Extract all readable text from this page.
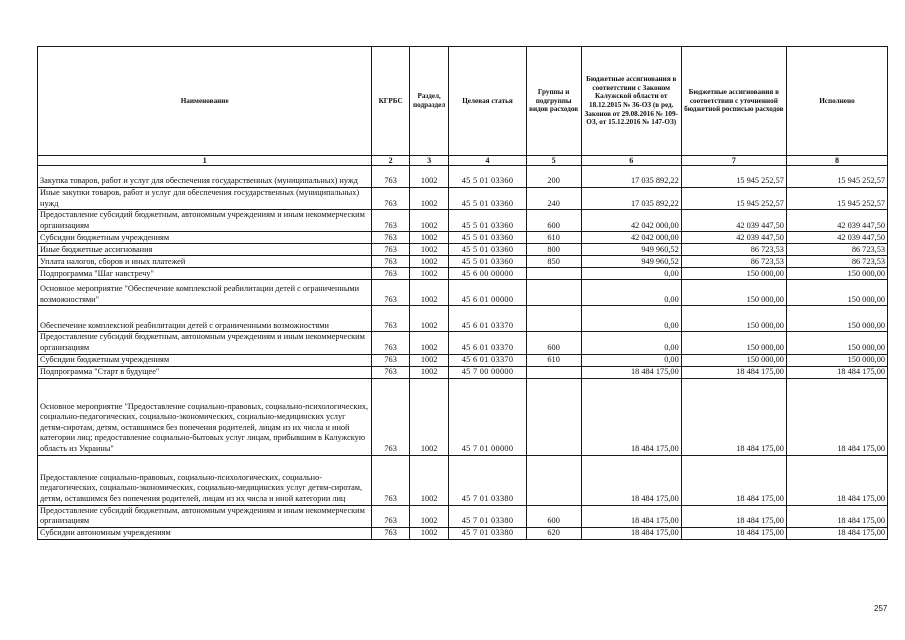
Наименование	КГРБС	Раздел, подраздел	Целевая статья	Группы и подгруппы видов расходов	Бюджетные ассигнования в соответствии с Законом Калужской области от 18.12.2015 № 36-ОЗ (в ред. Законов от 29.08.2016 № 109-ОЗ, от 15.12.2016 № 147-ОЗ)	Бюджетные ассигнования в соответствии с уточненной бюджетной росписью расходов	Исполнено
1	2	3	4	5	6	7	8
Закупка товаров, работ и услуг для обеспечения государственных (муниципальных) нужд	763	1002	45 5 01 03360	200	17 035 892,22	15 945 252,57	15 945 252,57
Иные закупки товаров, работ и услуг для обеспечения государственных (муниципальных) нужд	763	1002	45 5 01 03360	240	17 035 892,22	15 945 252,57	15 945 252,57
Предоставление субсидий бюджетным, автономным учреждениям и иным некоммерческим организациям	763	1002	45 5 01 03360	600	42 042 000,00	42 039 447,50	42 039 447,50
Субсидии бюджетным учреждениям	763	1002	45 5 01 03360	610	42 042 000,00	42 039 447,50	42 039 447,50
Иные бюджетные ассигнования	763	1002	45 5 01 03360	800	949 960,52	86 723,53	86 723,53
Уплата налогов, сборов и иных платежей	763	1002	45 5 01 03360	850	949 960,52	86 723,53	86 723,53
Подпрограмма "Шаг навстречу"	763	1002	45 6 00 00000		0,00	150 000,00	150 000,00
Основное мероприятие "Обеспечение комплексной реабилитации детей с ограниченными возможностями"	763	1002	45 6 01 00000		0,00	150 000,00	150 000,00
Обеспечение комплексной реабилитации детей с ограниченными возможностями	763	1002	45 6 01 03370		0,00	150 000,00	150 000,00
Предоставление субсидий бюджетным, автономным учреждениям и иным некоммерческим организациям	763	1002	45 6 01 03370	600	0,00	150 000,00	150 000,00
Субсидии бюджетным учреждениям	763	1002	45 6 01 03370	610	0,00	150 000,00	150 000,00
Подпрограмма "Старт в будущее"	763	1002	45 7 00 00000		18 484 175,00	18 484 175,00	18 484 175,00
Основное мероприятие "Предоставление социально-правовых, социально-психологических, социально-педагогических, социально-экономических, социально-медицинских услуг детям-сиротам, детям, оставшимся без попечения родителей, лицам из их числа и иной категории лиц; предоставление социально-бытовых услуг лицам, прибывшим в Калужскую область из Украины"	763	1002	45 7 01 00000		18 484 175,00	18 484 175,00	18 484 175,00
Предоставление социально-правовых, социально-психологических, социально-педагогических, социально-экономических, социально-медицинских услуг детям-сиротам, детям, оставшимся без попечения родителей, лицам из их числа и иной категории лиц	763	1002	45 7 01 03380		18 484 175,00	18 484 175,00	18 484 175,00
Предоставление субсидий бюджетным, автономным учреждениям и иным некоммерческим организациям	763	1002	45 7 01 03380	600	18 484 175,00	18 484 175,00	18 484 175,00
Субсидии автономным учреждениям	763	1002	45 7 01 03380	620	18 484 175,00	18 484 175,00	18 484 175,00
257
